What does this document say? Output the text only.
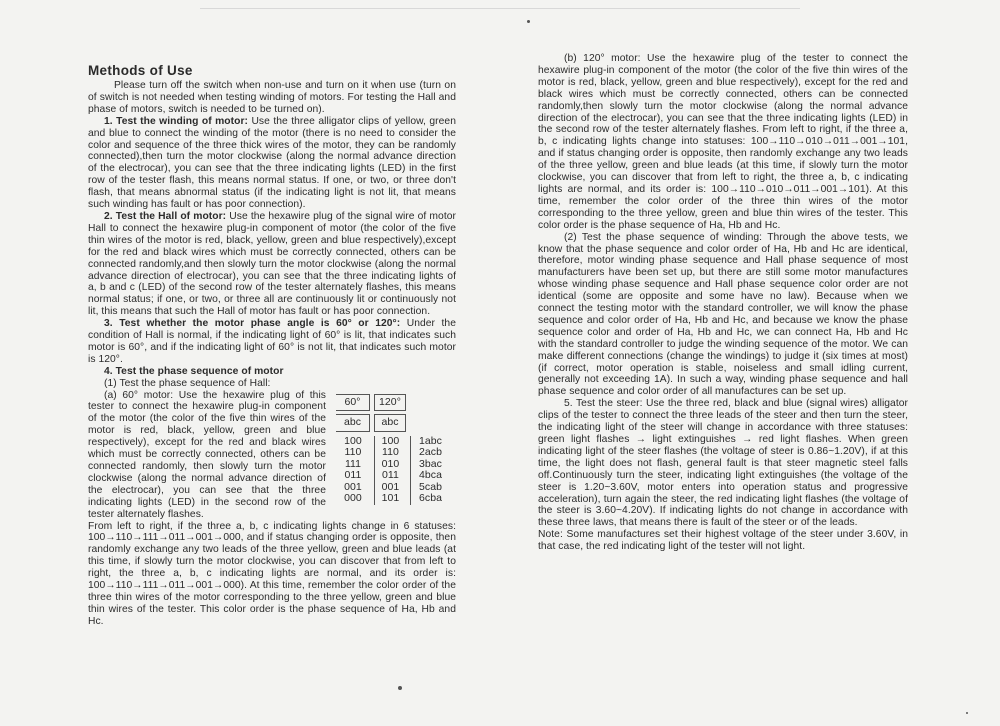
Methods of Use

Please turn off the switch when non-use and turn on it when use (turn on of switch is not needed when testing winding of motors. For testing the Hall and phase of motors, switch is needed to be turned on).

1. Test the winding of motor: Use the three alligator clips of yellow, green and blue to connect the winding of the motor (there is no need to consider the color and sequence of the three thick wires of the motor, they can be randomly connected),then turn the motor clockwise (along the normal advance direction of the electrocar), you can see that the three indicating lights (LED) in the first row of the tester flash, this means normal status. If one, or two, or three don't flash, that means abnormal status (if the indicating light is not lit, that means such winding has fault or has poor connection).

2. Test the Hall of motor: Use the hexawire plug of the signal wire of motor Hall to connect the hexawire plug-in component of motor (the color of the five thin wires of the motor is red, black, yellow, green and blue respectively),except for the red and black wires which must be correctly connected, others can be connected randomly,and then slowly turn the motor clockwise (along the normal advance direction of electrocar), you can see that the three indicating lights of a, b and c (LED) of the second row of the tester alternately flashes, this means normal status; if one, or two, or three all are continuously lit or continuously not lit, this means that such the Hall of motor has fault or has poor connection.

3. Test whether the motor phase angle is 60° or 120°: Under the condition of Hall is normal, if the indicating light of 60° is lit, that indicates such motor is 60°, and if the indicating light of 60° is not lit, that indicates such motor is 120°.

4. Test the phase sequence of motor

(1) Test the phase sequence of Hall:

60°	120°
abc	abc
100
110
111
011
001
000
100
110
010
011
001
101
1abc
2acb
3bac
4bca
5cab
6cba

(a) 60° motor: Use the hexawire plug of this tester to connect the hexawire plug-in component of the motor (the color of the five thin wires of the motor is red, black, yellow, green and blue respectively), except for the red and black wires which must be correctly connected, others can be connected randomly, then slowly turn the motor clockwise (along the normal advance direction of the electrocar), you can see that the three indicating lights (LED) in the second row of the tester alternately flashes.

From left to right, if the three a, b, c indicating lights change in 6 statuses: 100→110→111→011→001→000, and if status changing order is opposite, then randomly exchange any two leads of the three yellow, green and blue leads (at this time, if slowly turn the motor clockwise, you can discover that from left to right, the three a, b, c indicating lights are normal, and its order is: 100→110→111→011→001→000). At this time, remember the color order of the three thin wires of the motor corresponding to the three yellow, green and blue thin wires of the tester. This color order is the phase sequence of Ha, Hb and Hc.

(b) 120° motor: Use the hexawire plug of the tester to connect the hexawire plug-in component of the motor (the color of the five thin wires of the motor is red, black, yellow, green and blue respectively), except for the red and black wires which must be correctly connected, others can be connected randomly,then slowly turn the motor clockwise (along the normal advance direction of the electrocar), you can see that the three indicating lights (LED) in the second row of the tester alternately flashes. From left to right, if the three a, b, c indicating lights change into statuses: 100→110→010→011→001→101, and if status changing order is opposite, then randomly exchange any two leads of the three yellow, green and blue leads (at this time, if slowly turn the motor clockwise, you can discover that from left to right, the three a, b, c indicating lights are normal, and its order is: 100→110→010→011→001→101). At this time, remember the color order of the three thin wires of the motor corresponding to the three yellow, green and blue thin wires of the tester. This color order is the phase sequence of Ha, Hb and Hc.

(2) Test the phase sequence of winding: Through the above tests, we know that the phase sequence and color order of Ha, Hb and Hc are identical, therefore, motor winding phase sequence and Hall phase sequence of most manufacturers have been set up, but there are still some motor manufactures whose winding phase sequence and Hall phase sequence color order are not identical (some are opposite and some have no law). Because when we connect the testing motor with the standard controller, we will know the phase sequence and color order of Ha, Hb and Hc, and because we know the phase sequence color and order of Ha, Hb and Hc, we can connect Ha, Hb and Hc with the standard controller to judge the winding sequence of the motor. We can make different connections (change the windings) to judge it (six times at most) (if correct, motor operation is stable, noiseless and small idling current, generally not exceeding 1A). In such a way, winding phase sequence and hall phase sequence and color order of all manufactures can be set up.

5. Test the steer: Use the three red, black and blue (signal wires) alligator clips of the tester to connect the three leads of the steer and then turn the steer, the indicating light of the steer will change in accordance with three statuses: green light flashes → light extinguishes → red light flashes. When green indicating light of the steer flashes (the voltage of steer is 0.86~1.20V), if at this time, the light does not flash, general fault is that steer magnetic steel falls off.Continuously turn the steer, indicating light extinguishes (the voltage of the steer is 1.20~3.60V, motor enters into operation status and progressive acceleration), turn again the steer, the red indicating light flashes (the voltage of the steer is 3.60~4.20V). If indicating lights do not change in accordance with these three laws, that means there is fault of the steer or of the leads.

Note: Some manufactures set their highest voltage of the steer under 3.60V, in that case, the red indicating light of the tester will not light.
